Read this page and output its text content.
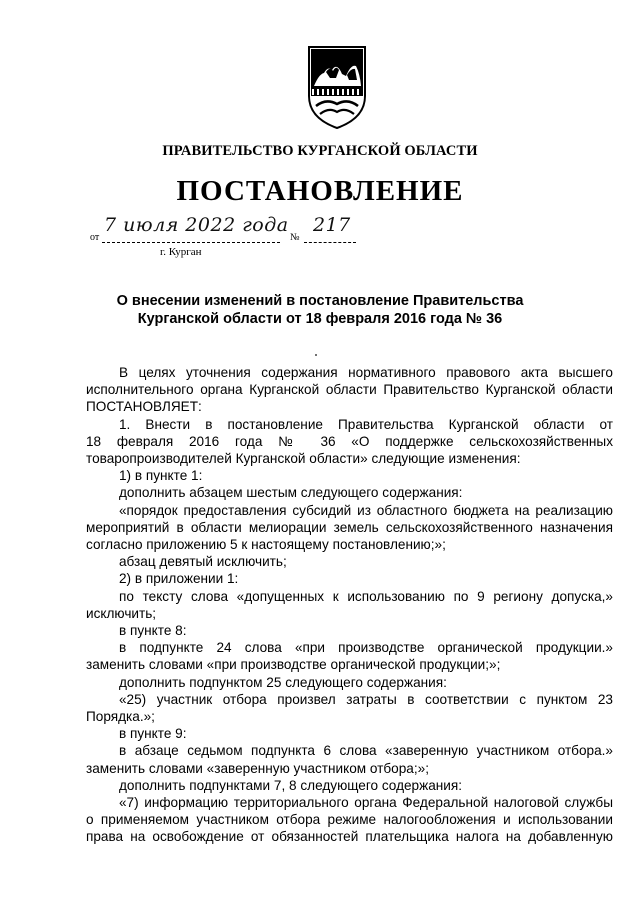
ПРАВИТЕЛЬСТВО КУРГАНСКОЙ ОБЛАСТИ
ПОСТАНОВЛЕНИЕ
от
7 июля 2022 года
№
217
г. Курган
О внесении изменений в постановление Правительства
Курганской области от 18 февраля 2016 года № 36

В целях уточнения содержания нормативного правового акта высшего

исполнительного органа Курганской области Правительство Курганской области

ПОСТАНОВЛЯЕТ:

1. Внести в постановление Правительства Курганской области от

18 февраля 2016 года № 36 «О поддержке сельскохозяйственных

товаропроизводителей Курганской области» следующие изменения:

1) в пункте 1:

дополнить абзацем шестым следующего содержания:

«порядок предоставления субсидий из областного бюджета на реализацию

мероприятий в области мелиорации земель сельскохозяйственного назначения

согласно приложению 5 к настоящему постановлению;»;

абзац девятый исключить;

2) в приложении 1:

по тексту слова «допущенных к использованию по 9 региону допуска,»

исключить;

в пункте 8:

в подпункте 24 слова «при производстве органической продукции.»

заменить словами «при производстве органической продукции;»;

дополнить подпунктом 25 следующего содержания:

«25) участник отбора произвел затраты в соответствии с пунктом 23

Порядка.»;

в пункте 9:

в абзаце седьмом подпункта 6 слова «заверенную участником отбора.»

заменить словами «заверенную участником отбора;»;

дополнить подпунктами 7, 8 следующего содержания:

«7) информацию территориального органа Федеральной налоговой службы

о применяемом участником отбора режиме налогообложения и использовании

права на освобождение от обязанностей плательщика налога на добавленную
